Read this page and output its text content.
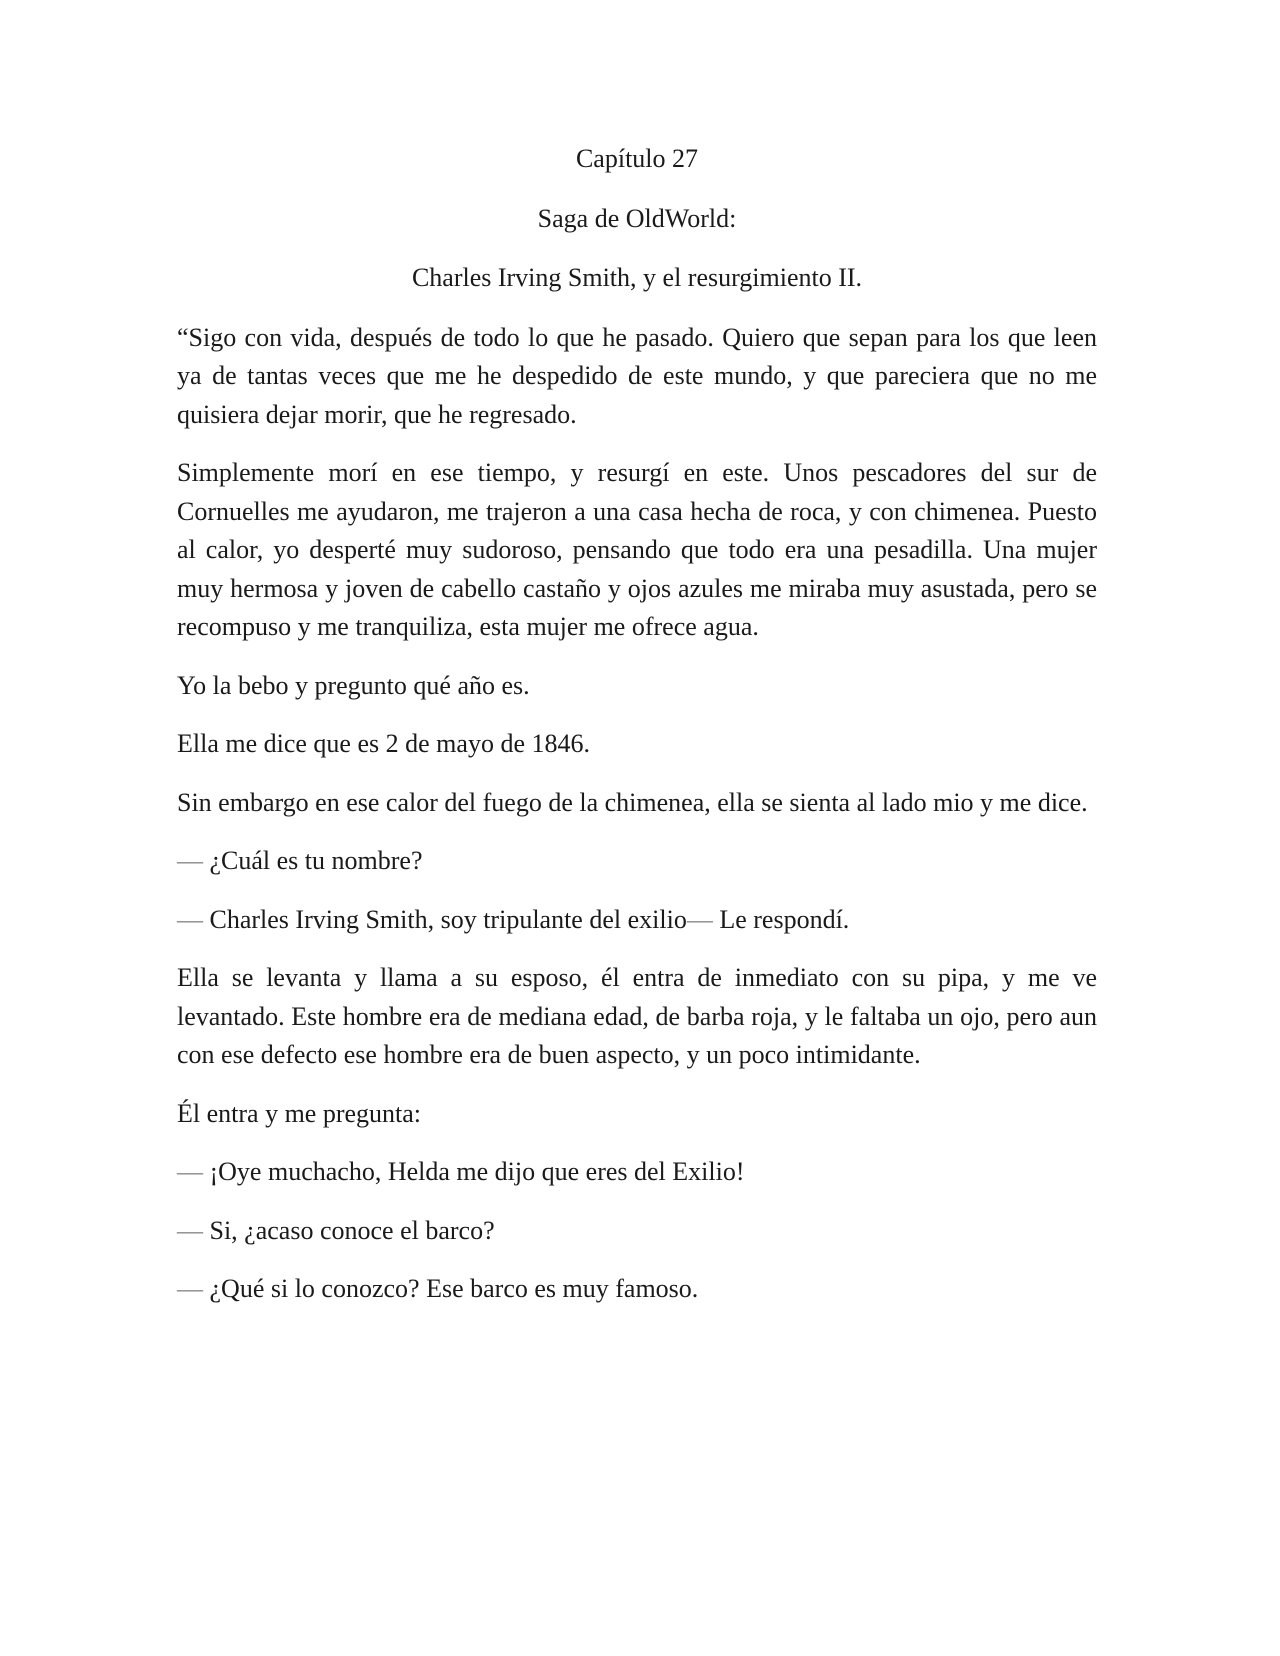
Capítulo 27
Saga de OldWorld:
Charles Irving Smith, y el resurgimiento II.

“Sigo con vida, después de todo lo que he pasado. Quiero que sepan para los que leen ya de tantas veces que me he despedido de este mundo, y que pareciera que no me quisiera dejar morir, que he regresado.

Simplemente morí en ese tiempo, y resurgí en este. Unos pescadores del sur de Cornuelles me ayudaron, me trajeron a una casa hecha de roca, y con chimenea. Puesto al calor, yo desperté muy sudoroso, pensando que todo era una pesadilla. Una mujer muy hermosa y joven de cabello castaño y ojos azules me miraba muy asustada, pero se recompuso y me tranquiliza, esta mujer me ofrece agua.

Yo la bebo y pregunto qué año es.

Ella me dice que es 2 de mayo de 1846.

Sin embargo en ese calor del fuego de la chimenea, ella se sienta al lado mio y me dice.

— ¿Cuál es tu nombre?

— Charles Irving Smith, soy tripulante del exilio— Le respondí.

Ella se levanta y llama a su esposo, él entra de inmediato con su pipa, y me ve levantado. Este hombre era de mediana edad, de barba roja, y le faltaba un ojo, pero aun con ese defecto ese hombre era de buen aspecto, y un poco intimidante.

Él entra y me pregunta:

— ¡Oye muchacho, Helda me dijo que eres del Exilio!

— Si, ¿acaso conoce el barco?

— ¿Qué si lo conozco? Ese barco es muy famoso.
